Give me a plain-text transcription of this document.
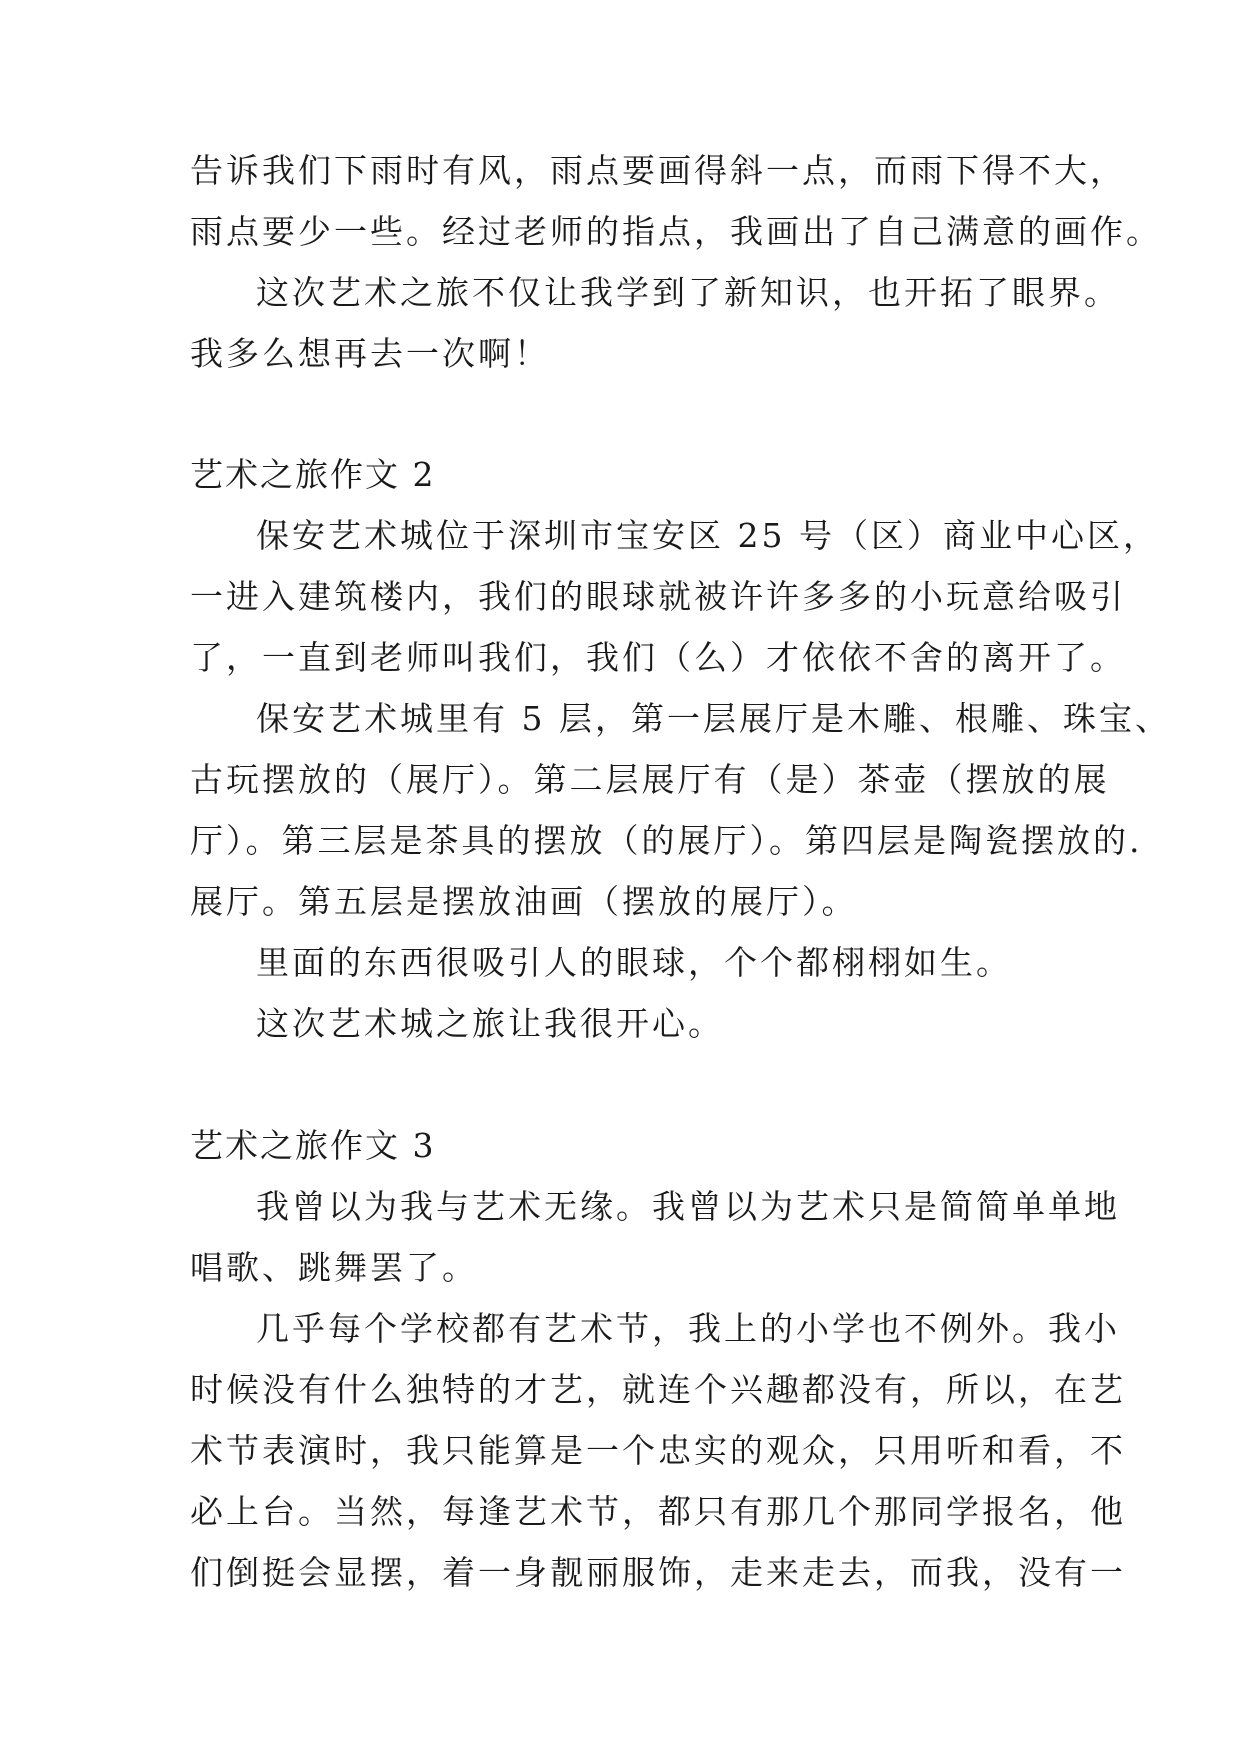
告诉我们下雨时有风，雨点要画得斜一点，而雨下得不大，
雨点要少一些。经过老师的指点，我画出了自己满意的画作。
这次艺术之旅不仅让我学到了新知识，也开拓了眼界。
我多么想再去一次啊！
艺术之旅作文 2
保安艺术城位于深圳市宝安区 25 号（区）商业中心区，
一进入建筑楼内，我们的眼球就被许许多多的小玩意给吸引
了，一直到老师叫我们，我们（么）才依依不舍的离开了。
保安艺术城里有 5 层，第一层展厅是木雕、根雕、珠宝、
古玩摆放的（展厅）。第二层展厅有（是）茶壶（摆放的展
厅）。第三层是茶具的摆放（的展厅）。第四层是陶瓷摆放的.
展厅。第五层是摆放油画（摆放的展厅）。
里面的东西很吸引人的眼球，个个都栩栩如生。
这次艺术城之旅让我很开心。
艺术之旅作文 3
我曾以为我与艺术无缘。我曾以为艺术只是简简单单地
唱歌、跳舞罢了。
几乎每个学校都有艺术节，我上的小学也不例外。我小
时候没有什么独特的才艺，就连个兴趣都没有，所以，在艺
术节表演时，我只能算是一个忠实的观众，只用听和看，不
必上台。当然，每逢艺术节，都只有那几个那同学报名，他
们倒挺会显摆，着一身靓丽服饰，走来走去，而我，没有一
